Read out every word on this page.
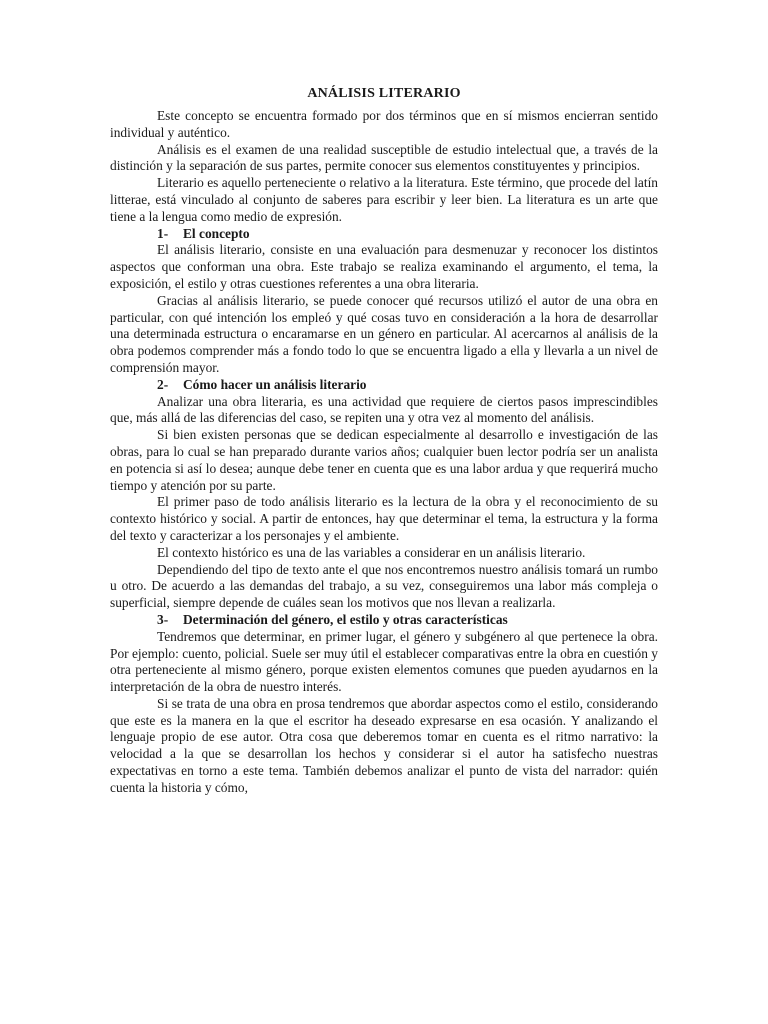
ANÁLISIS LITERARIO

Este concepto se encuentra formado por dos términos que en sí mismos encierran sentido individual y auténtico.

Análisis es el examen de una realidad susceptible de estudio intelectual que, a través de la distinción y la separación de sus partes, permite conocer sus elementos constituyentes y principios.

Literario es aquello perteneciente o relativo a la literatura. Este término, que procede del latín litterae, está vinculado al conjunto de saberes para escribir y leer bien. La literatura es un arte que tiene a la lengua como medio de expresión.

1- El concepto

El análisis literario, consiste en una evaluación para desmenuzar y reconocer los distintos aspectos que conforman una obra. Este trabajo se realiza examinando el argumento, el tema, la exposición, el estilo y otras cuestiones referentes a una obra literaria.

Gracias al análisis literario, se puede conocer qué recursos utilizó el autor de una obra en particular, con qué intención los empleó y qué cosas tuvo en consideración a la hora de desarrollar una determinada estructura o encaramarse en un género en particular. Al acercarnos al análisis de la obra podemos comprender más a fondo todo lo que se encuentra ligado a ella y llevarla a un nivel de comprensión mayor.

2- Cómo hacer un análisis literario

Analizar una obra literaria, es una actividad que requiere de ciertos pasos imprescindibles que, más allá de las diferencias del caso, se repiten una y otra vez al momento del análisis.

Si bien existen personas que se dedican especialmente al desarrollo e investigación de las obras, para lo cual se han preparado durante varios años; cualquier buen lector podría ser un analista en potencia si así lo desea; aunque debe tener en cuenta que es una labor ardua y que requerirá mucho tiempo y atención por su parte.

El primer paso de todo análisis literario es la lectura de la obra y el reconocimiento de su contexto histórico y social. A partir de entonces, hay que determinar el tema, la estructura y la forma del texto y caracterizar a los personajes y el ambiente.

El contexto histórico es una de las variables a considerar en un análisis literario.

Dependiendo del tipo de texto ante el que nos encontremos nuestro análisis tomará un rumbo u otro. De acuerdo a las demandas del trabajo, a su vez, conseguiremos una labor más compleja o superficial, siempre depende de cuáles sean los motivos que nos llevan a realizarla.

3- Determinación del género, el estilo y otras características

Tendremos que determinar, en primer lugar, el género y subgénero al que pertenece la obra. Por ejemplo: cuento, policial. Suele ser muy útil el establecer comparativas entre la obra en cuestión y otra perteneciente al mismo género, porque existen elementos comunes que pueden ayudarnos en la interpretación de la obra de nuestro interés.

Si se trata de una obra en prosa tendremos que abordar aspectos como el estilo, considerando que este es la manera en la que el escritor ha deseado expresarse en esa ocasión. Y analizando el lenguaje propio de ese autor. Otra cosa que deberemos tomar en cuenta es el ritmo narrativo: la velocidad a la que se desarrollan los hechos y considerar si el autor ha satisfecho nuestras expectativas en torno a este tema. También debemos analizar el punto de vista del narrador: quién cuenta la historia y cómo,
